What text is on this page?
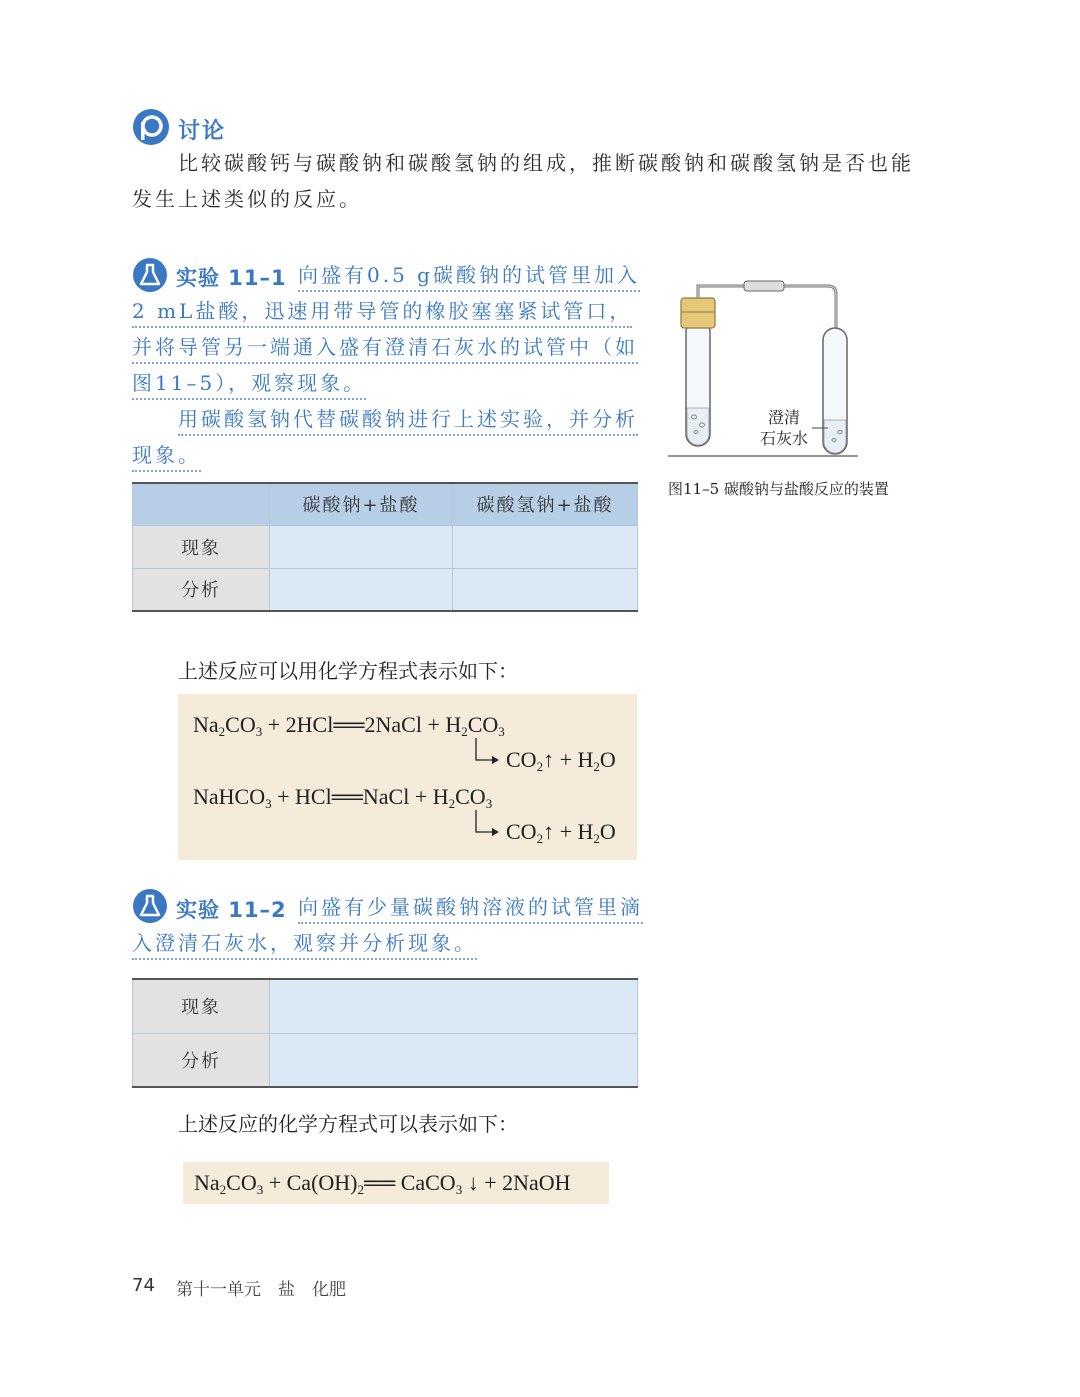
讨论
比较碳酸钙与碳酸钠和碳酸氢钠的组成，推断碳酸钠和碳酸氢钠是否也能
发生上述类似的反应。
实验 11–1 向盛有0.5 g碳酸钠的试管里加入
2 mL盐酸，迅速用带导管的橡胶塞塞紧试管口，
并将导管另一端通入盛有澄清石灰水的试管中（如
图11–5），观察现象。
用碳酸氢钠代替碳酸钠进行上述实验，并分析
现象。
	碳酸钠+盐酸	碳酸氢钠+盐酸
现象		
分析		
澄清
石灰水
图11–5 碳酸钠与盐酸反应的装置
上述反应可以用化学方程式表示如下：
$Na_2CO_3$ + 2HCl══2NaCl + $H_2CO_3$
$CO_2↑ + H_2O$
NaHCO$_3$ + HCl══NaCl + $H_2CO_3$
$CO_2↑ + H_2O$
实验 11–2 向盛有少量碳酸钠溶液的试管里滴
入澄清石灰水，观察并分析现象。
现象	
分析	
上述反应的化学方程式可以表示如下：
$Na_2CO_3$ + $Ca(OH)_2══$ CaCO$_3$ ↓ + 2NaOH
74 第十一单元　盐　化肥
